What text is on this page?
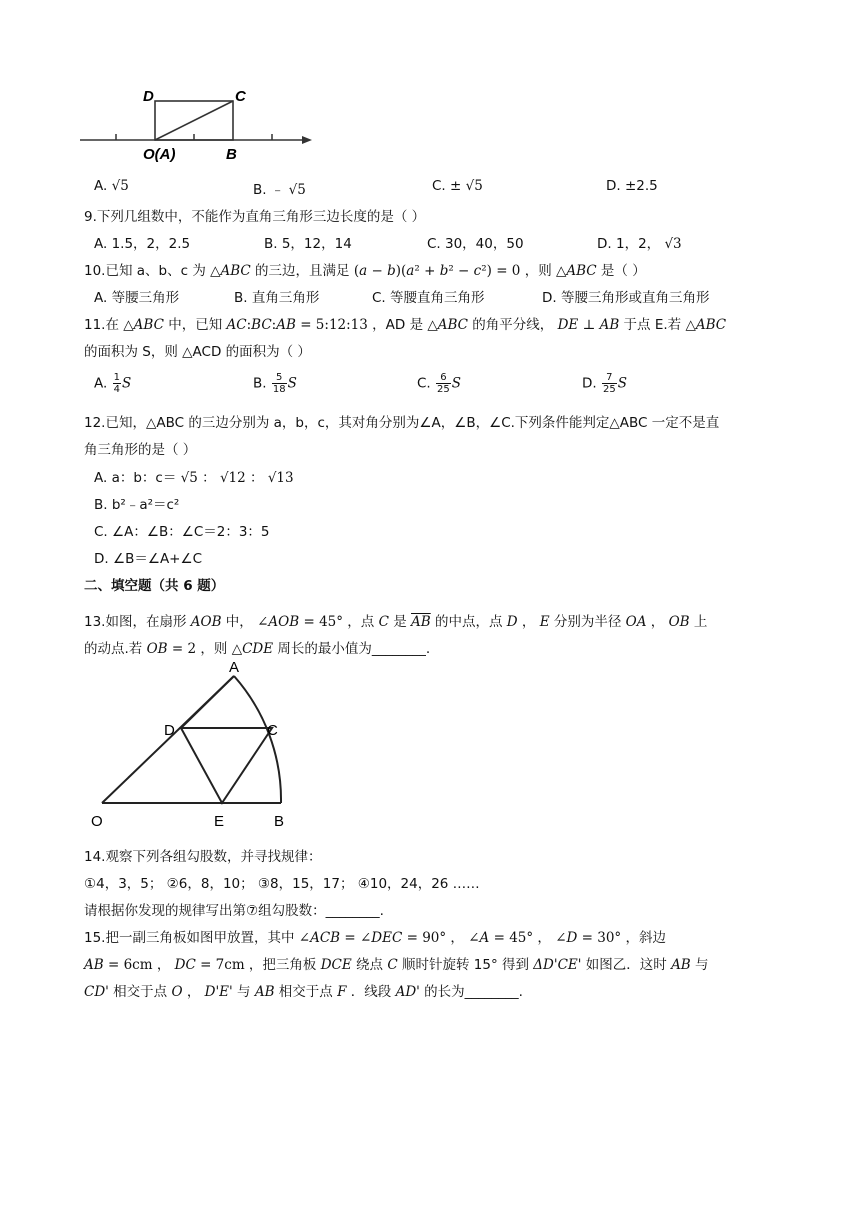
D	C
O(A)	B
A. √5	B. ﹣ √5	C. ± √5	D. ±2.5
9.下列几组数中，不能作为直角三角形三边长度的是（ ）
A. 1.5，2，2.5	B. 5，12，14	C. 30，40，50	D. 1，2， √3
10.已知 a、b、c 为 △ABC 的三边，且满足 (a − b)(a² + b² − c²) = 0 ，则 △ABC 是（ ）
A. 等腰三角形	B. 直角三角形	C. 等腰直角三角形	D. 等腰三角形或直角三角形
11.在 △ABC 中，已知 AC:BC:AB = 5:12:13 ，AD 是 △ABC 的角平分线， DE ⊥ AB 于点 E.若 △ABC
的面积为 S，则 △ACD 的面积为（ ）
A. $\frac{1}{4}$ S	B. $\frac{5}{18}$ S	C. $\frac{6}{25}$ S	D. $\frac{7}{25}$ S
12.已知，△ABC 的三边分别为 a，b，c，其对角分别为∠A，∠B，∠C.下列条件能判定△ABC 一定不是直
角三角形的是（ ）
A. a：b：c＝ √5 ： √12 ： √13
B. b²﹣a²＝c²
C. ∠A：∠B：∠C＝2：3：5
D. ∠B＝∠A+∠C
二、填空题（共 6 题）
13.如图，在扇形 AOB 中， ∠AOB = 45° ，点 C 是 $\overline{AB}$ 的中点，点 D ， E 分别为半径 OA ， OB 上
的动点.若 OB = 2 ，则 △CDE 周长的最小值为________.
A
D	C
O	E	B
14.观察下列各组勾股数，并寻找规律：
①4，3，5； ②6，8，10； ③8，15，17； ④10，24，26 ……
请根据你发现的规律写出第⑦组勾股数：________.
15.把一副三角板如图甲放置，其中 ∠ACB = ∠DEC = 90° ， ∠A = 45° ， ∠D = 30° ，斜边
AB = 6cm ， DC = 7cm ，把三角板 DCE 绕点 C 顺时针旋转 15° 得到 ΔD'CE' 如图乙．这时 AB 与
CD' 相交于点 O ， D'E' 与 AB 相交于点 F ．线段 AD' 的长为________.
